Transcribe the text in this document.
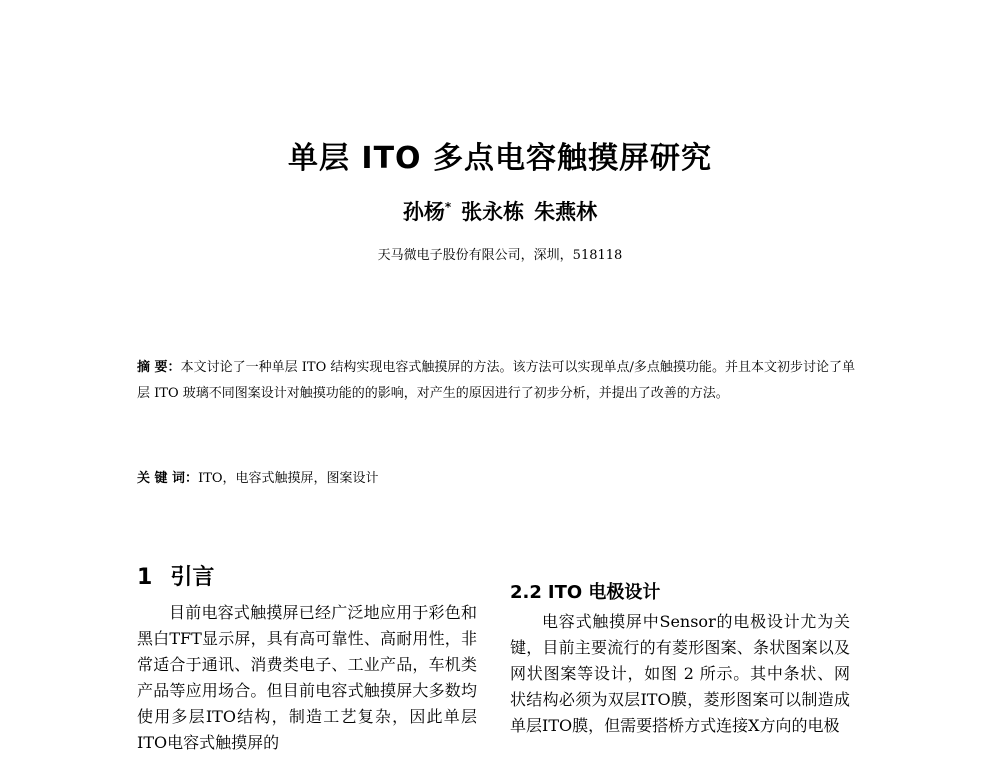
单层 ITO 多点电容触摸屏研究
孙杨* 张永栋 朱燕林
天马微电子股份有限公司，深圳，518118
摘 要：本文讨论了一种单层 ITO 结构实现电容式触摸屏的方法。该方法可以实现单点/多点触摸功能。并且本文初步讨论了单层 ITO 玻璃不同图案设计对触摸功能的的影响，对产生的原因进行了初步分析，并提出了改善的方法。
关 键 词：ITO，电容式触摸屏，图案设计
1 引言

目前电容式触摸屏已经广泛地应用于彩色和黑白TFT显示屏，具有高可靠性、高耐用性，非常适合于通讯、消费类电子、工业产品，车机类产品等应用场合。但目前电容式触摸屏大多数均使用多层ITO结构，制造工艺复杂，因此单层ITO电容式触摸屏的

2.2 ITO 电极设计

电容式触摸屏中Sensor的电极设计尤为关键，目前主要流行的有菱形图案、条状图案以及网状图案等设计，如图 2 所示。其中条状、网状结构必须为双层ITO膜，菱形图案可以制造成单层ITO膜，但需要搭桥方式连接X方向的电极
